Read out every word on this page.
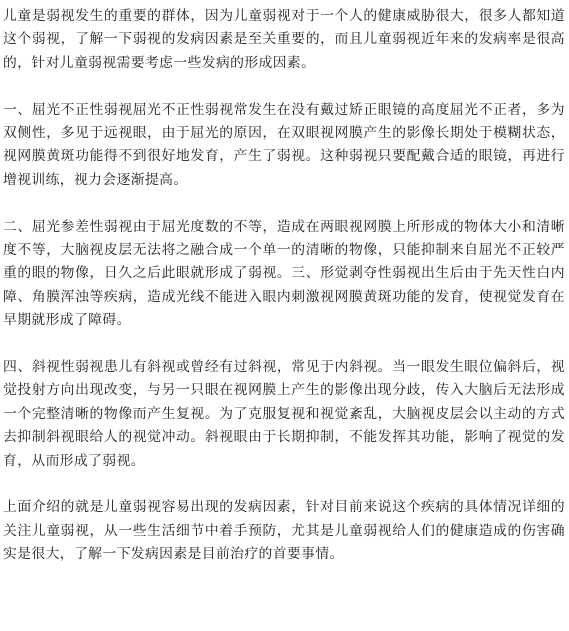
儿童是弱视发生的重要的群体，因为儿童弱视对于一个人的健康威胁很大，很多人都知道这个弱视，了解一下弱视的发病因素是至关重要的，而且儿童弱视近年来的发病率是很高的，针对儿童弱视需要考虑一些发病的形成因素。

一、屈光不正性弱视屈光不正性弱视常发生在没有戴过矫正眼镜的高度屈光不正者，多为双侧性，多见于远视眼，由于屈光的原因，在双眼视网膜产生的影像长期处于模糊状态，视网膜黄斑功能得不到很好地发育，产生了弱视。这种弱视只要配戴合适的眼镜，再进行增视训练，视力会逐渐提高。

二、屈光参差性弱视由于屈光度数的不等，造成在两眼视网膜上所形成的物体大小和清晰度不等，大脑视皮层无法将之融合成一个单一的清晰的物像，只能抑制来自屈光不正较严重的眼的物像，日久之后此眼就形成了弱视。三、形觉剥夺性弱视出生后由于先天性白内障、角膜浑浊等疾病，造成光线不能进入眼内刺激视网膜黄斑功能的发育，使视觉发育在早期就形成了障碍。

四、斜视性弱视患儿有斜视或曾经有过斜视，常见于内斜视。当一眼发生眼位偏斜后，视觉投射方向出现改变，与另一只眼在视网膜上产生的影像出现分歧，传入大脑后无法形成一个完整清晰的物像而产生复视。为了克服复视和视觉紊乱，大脑视皮层会以主动的方式去抑制斜视眼给人的视觉冲动。斜视眼由于长期抑制，不能发挥其功能，影响了视觉的发育，从而形成了弱视。

上面介绍的就是儿童弱视容易出现的发病因素，针对目前来说这个疾病的具体情况详细的关注儿童弱视，从一些生活细节中着手预防，尤其是儿童弱视给人们的健康造成的伤害确实是很大，了解一下发病因素是目前治疗的首要事情。
